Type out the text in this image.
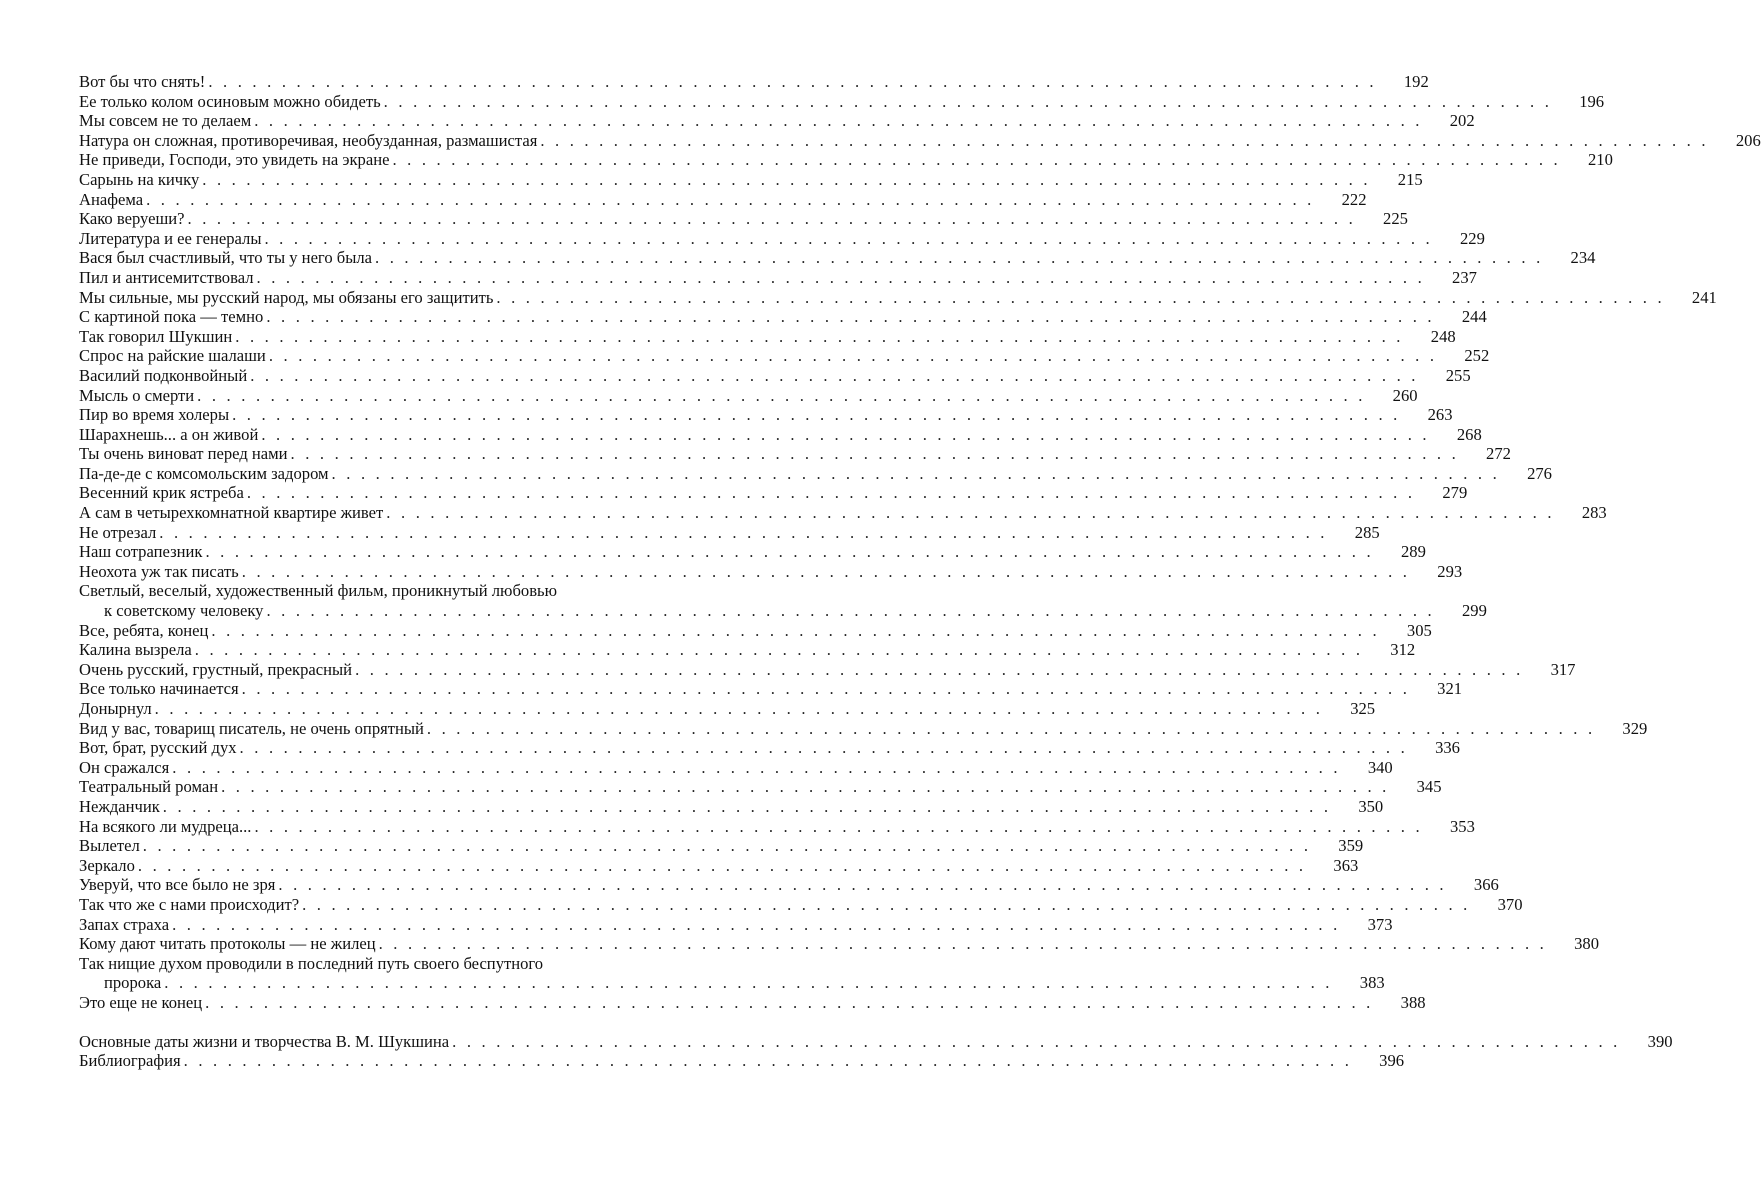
Вот бы что снять! . . . . . . . . . . . . . . . . . . . . . . . . . . . . . . . . . . . . . . . . . . . . . . . . . . . . . . . . . . . . . . . . . . . . . . . . . . . . . . . .	192
Ее только колом осиновым можно обидеть . . . . . . . . . . . . . . . . . . . . . . . . . . . . . . . . . . . . . . . . . . . . . . . . . . . . . . . . . . . . . . . . . . . . . . . . . . . . . . . .	196
Мы совсем не то делаем . . . . . . . . . . . . . . . . . . . . . . . . . . . . . . . . . . . . . . . . . . . . . . . . . . . . . . . . . . . . . . . . . . . . . . . . . . . . . . . .	202
Натура он сложная, противоречивая, необузданная, размашистая . . . . . . . . . . . . . . . . . . . . . . . . . . . . . . . . . . . . . . . . . . . . . . . . . . . . . . . . . . . . . . . . . . . . . . . . . . . . . . . .	206
Не приведи, Господи, это увидеть на экране . . . . . . . . . . . . . . . . . . . . . . . . . . . . . . . . . . . . . . . . . . . . . . . . . . . . . . . . . . . . . . . . . . . . . . . . . . . . . . . .	210
Сарынь на кичку . . . . . . . . . . . . . . . . . . . . . . . . . . . . . . . . . . . . . . . . . . . . . . . . . . . . . . . . . . . . . . . . . . . . . . . . . . . . . . . .	215
Анафема . . . . . . . . . . . . . . . . . . . . . . . . . . . . . . . . . . . . . . . . . . . . . . . . . . . . . . . . . . . . . . . . . . . . . . . . . . . . . . . .	222
Како веруеши? . . . . . . . . . . . . . . . . . . . . . . . . . . . . . . . . . . . . . . . . . . . . . . . . . . . . . . . . . . . . . . . . . . . . . . . . . . . . . . . .	225
Литература и ее генералы . . . . . . . . . . . . . . . . . . . . . . . . . . . . . . . . . . . . . . . . . . . . . . . . . . . . . . . . . . . . . . . . . . . . . . . . . . . . . . . .	229
Вася был счастливый, что ты у него была . . . . . . . . . . . . . . . . . . . . . . . . . . . . . . . . . . . . . . . . . . . . . . . . . . . . . . . . . . . . . . . . . . . . . . . . . . . . . . . .	234
Пил и антисемитствовал . . . . . . . . . . . . . . . . . . . . . . . . . . . . . . . . . . . . . . . . . . . . . . . . . . . . . . . . . . . . . . . . . . . . . . . . . . . . . . . .	237
Мы сильные, мы русский народ, мы обязаны его защитить . . . . . . . . . . . . . . . . . . . . . . . . . . . . . . . . . . . . . . . . . . . . . . . . . . . . . . . . . . . . . . . . . . . . . . . . . . . . . . . .	241
С картиной пока — темно . . . . . . . . . . . . . . . . . . . . . . . . . . . . . . . . . . . . . . . . . . . . . . . . . . . . . . . . . . . . . . . . . . . . . . . . . . . . . . . .	244
Так говорил Шукшин . . . . . . . . . . . . . . . . . . . . . . . . . . . . . . . . . . . . . . . . . . . . . . . . . . . . . . . . . . . . . . . . . . . . . . . . . . . . . . . .	248
Спрос на райские шалаши . . . . . . . . . . . . . . . . . . . . . . . . . . . . . . . . . . . . . . . . . . . . . . . . . . . . . . . . . . . . . . . . . . . . . . . . . . . . . . . .	252
Василий подконвойный . . . . . . . . . . . . . . . . . . . . . . . . . . . . . . . . . . . . . . . . . . . . . . . . . . . . . . . . . . . . . . . . . . . . . . . . . . . . . . . .	255
Мысль о смерти . . . . . . . . . . . . . . . . . . . . . . . . . . . . . . . . . . . . . . . . . . . . . . . . . . . . . . . . . . . . . . . . . . . . . . . . . . . . . . . .	260
Пир во время холеры . . . . . . . . . . . . . . . . . . . . . . . . . . . . . . . . . . . . . . . . . . . . . . . . . . . . . . . . . . . . . . . . . . . . . . . . . . . . . . . .	263
Шарахнешь... а он живой . . . . . . . . . . . . . . . . . . . . . . . . . . . . . . . . . . . . . . . . . . . . . . . . . . . . . . . . . . . . . . . . . . . . . . . . . . . . . . . .	268
Ты очень виноват перед нами . . . . . . . . . . . . . . . . . . . . . . . . . . . . . . . . . . . . . . . . . . . . . . . . . . . . . . . . . . . . . . . . . . . . . . . . . . . . . . . .	272
Па-де-де с комсомольским задором . . . . . . . . . . . . . . . . . . . . . . . . . . . . . . . . . . . . . . . . . . . . . . . . . . . . . . . . . . . . . . . . . . . . . . . . . . . . . . . .	276
Весенний крик ястреба . . . . . . . . . . . . . . . . . . . . . . . . . . . . . . . . . . . . . . . . . . . . . . . . . . . . . . . . . . . . . . . . . . . . . . . . . . . . . . . .	279
А сам в четырехкомнатной квартире живет . . . . . . . . . . . . . . . . . . . . . . . . . . . . . . . . . . . . . . . . . . . . . . . . . . . . . . . . . . . . . . . . . . . . . . . . . . . . . . . .	283
Не отрезал . . . . . . . . . . . . . . . . . . . . . . . . . . . . . . . . . . . . . . . . . . . . . . . . . . . . . . . . . . . . . . . . . . . . . . . . . . . . . . . .	285
Наш сотрапезник . . . . . . . . . . . . . . . . . . . . . . . . . . . . . . . . . . . . . . . . . . . . . . . . . . . . . . . . . . . . . . . . . . . . . . . . . . . . . . . .	289
Неохота уж так писать . . . . . . . . . . . . . . . . . . . . . . . . . . . . . . . . . . . . . . . . . . . . . . . . . . . . . . . . . . . . . . . . . . . . . . . . . . . . . . . .	293
Светлый, веселый, художественный фильм, проникнутый любовью
к советскому человеку . . . . . . . . . . . . . . . . . . . . . . . . . . . . . . . . . . . . . . . . . . . . . . . . . . . . . . . . . . . . . . . . . . . . . . . . . . . . . . . .	299
Все, ребята, конец . . . . . . . . . . . . . . . . . . . . . . . . . . . . . . . . . . . . . . . . . . . . . . . . . . . . . . . . . . . . . . . . . . . . . . . . . . . . . . . .	305
Калина вызрела . . . . . . . . . . . . . . . . . . . . . . . . . . . . . . . . . . . . . . . . . . . . . . . . . . . . . . . . . . . . . . . . . . . . . . . . . . . . . . . .	312
Очень русский, грустный, прекрасный . . . . . . . . . . . . . . . . . . . . . . . . . . . . . . . . . . . . . . . . . . . . . . . . . . . . . . . . . . . . . . . . . . . . . . . . . . . . . . . .	317
Все только начинается . . . . . . . . . . . . . . . . . . . . . . . . . . . . . . . . . . . . . . . . . . . . . . . . . . . . . . . . . . . . . . . . . . . . . . . . . . . . . . . .	321
Донырнул . . . . . . . . . . . . . . . . . . . . . . . . . . . . . . . . . . . . . . . . . . . . . . . . . . . . . . . . . . . . . . . . . . . . . . . . . . . . . . . .	325
Вид у вас, товарищ писатель, не очень опрятный . . . . . . . . . . . . . . . . . . . . . . . . . . . . . . . . . . . . . . . . . . . . . . . . . . . . . . . . . . . . . . . . . . . . . . . . . . . . . . . .	329
Вот, брат, русский дух . . . . . . . . . . . . . . . . . . . . . . . . . . . . . . . . . . . . . . . . . . . . . . . . . . . . . . . . . . . . . . . . . . . . . . . . . . . . . . . .	336
Он сражался . . . . . . . . . . . . . . . . . . . . . . . . . . . . . . . . . . . . . . . . . . . . . . . . . . . . . . . . . . . . . . . . . . . . . . . . . . . . . . . .	340
Театральный роман . . . . . . . . . . . . . . . . . . . . . . . . . . . . . . . . . . . . . . . . . . . . . . . . . . . . . . . . . . . . . . . . . . . . . . . . . . . . . . . .	345
Нежданчик . . . . . . . . . . . . . . . . . . . . . . . . . . . . . . . . . . . . . . . . . . . . . . . . . . . . . . . . . . . . . . . . . . . . . . . . . . . . . . . .	350
На всякого ли мудреца... . . . . . . . . . . . . . . . . . . . . . . . . . . . . . . . . . . . . . . . . . . . . . . . . . . . . . . . . . . . . . . . . . . . . . . . . . . . . . . . .	353
Вылетел . . . . . . . . . . . . . . . . . . . . . . . . . . . . . . . . . . . . . . . . . . . . . . . . . . . . . . . . . . . . . . . . . . . . . . . . . . . . . . . .	359
Зеркало . . . . . . . . . . . . . . . . . . . . . . . . . . . . . . . . . . . . . . . . . . . . . . . . . . . . . . . . . . . . . . . . . . . . . . . . . . . . . . . .	363
Уверуй, что все было не зря . . . . . . . . . . . . . . . . . . . . . . . . . . . . . . . . . . . . . . . . . . . . . . . . . . . . . . . . . . . . . . . . . . . . . . . . . . . . . . . .	366
Так что же с нами происходит? . . . . . . . . . . . . . . . . . . . . . . . . . . . . . . . . . . . . . . . . . . . . . . . . . . . . . . . . . . . . . . . . . . . . . . . . . . . . . . . .	370
Запах страха . . . . . . . . . . . . . . . . . . . . . . . . . . . . . . . . . . . . . . . . . . . . . . . . . . . . . . . . . . . . . . . . . . . . . . . . . . . . . . . .	373
Кому дают читать протоколы — не жилец . . . . . . . . . . . . . . . . . . . . . . . . . . . . . . . . . . . . . . . . . . . . . . . . . . . . . . . . . . . . . . . . . . . . . . . . . . . . . . . .	380
Так нищие духом проводили в последний путь своего беспутного
пророка . . . . . . . . . . . . . . . . . . . . . . . . . . . . . . . . . . . . . . . . . . . . . . . . . . . . . . . . . . . . . . . . . . . . . . . . . . . . . . . .	383
Это еще не конец . . . . . . . . . . . . . . . . . . . . . . . . . . . . . . . . . . . . . . . . . . . . . . . . . . . . . . . . . . . . . . . . . . . . . . . . . . . . . . . .	388
Основные даты жизни и творчества В. М. Шукшина . . . . . . . . . . . . . . . . . . . . . . . . . . . . . . . . . . . . . . . . . . . . . . . . . . . . . . . . . . . . . . . . . . . . . . . . . . . . . . . .	390
Библиография . . . . . . . . . . . . . . . . . . . . . . . . . . . . . . . . . . . . . . . . . . . . . . . . . . . . . . . . . . . . . . . . . . . . . . . . . . . . . . . .	396
